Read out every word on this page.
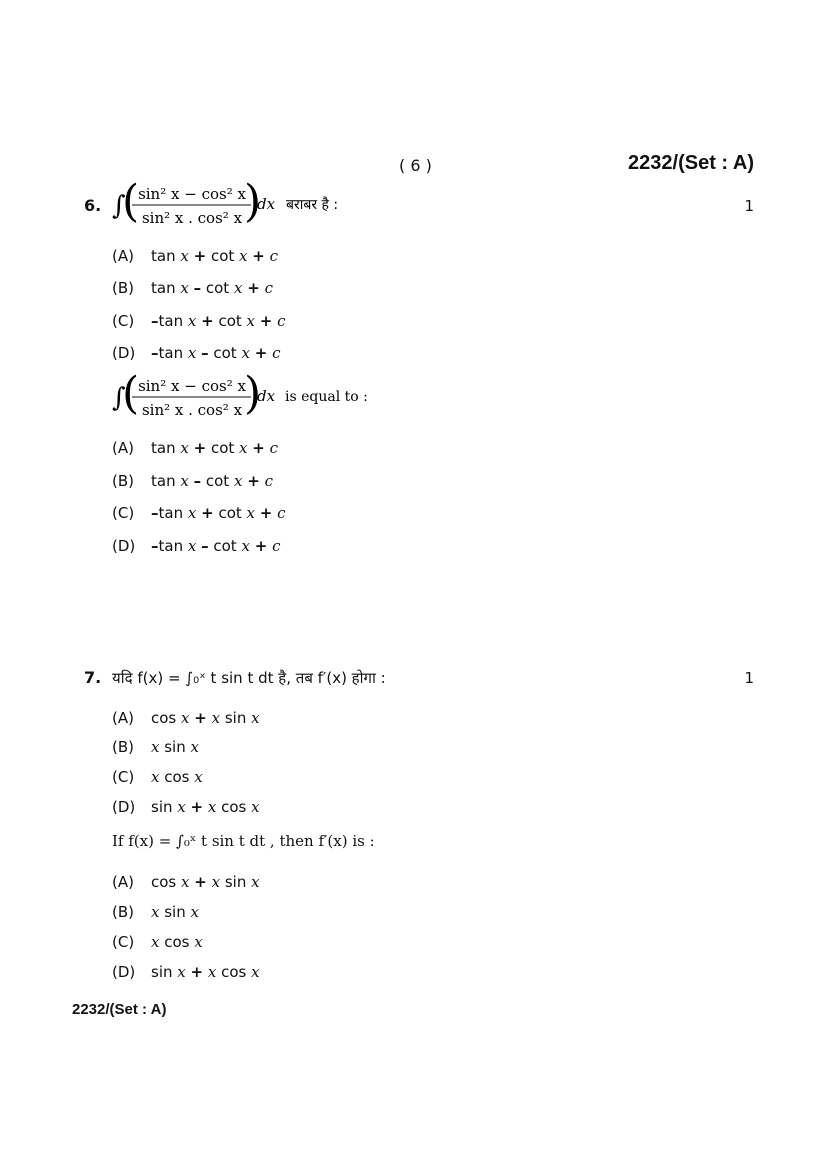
( 6 )	2232/(Set : A)
6. ∫
(
sin² x − cos² x
sin² x . cos² x )
dx बराबर है :	1
(A) tan x + cot x + c
(B) tan x – cot x + c
(C) –tan x + cot x + c
(D) –tan x – cot x + c
∫
(
sin² x − cos² x
sin² x . cos² x )
dx is equal to :
(A) tan x + cot x + c
(B) tan x – cot x + c
(C) –tan x + cot x + c
(D) –tan x – cot x + c
7. यदि f(x) = ∫₀ˣ t sin t dt है, तब f′(x) होगा :	1
(A) cos x + x sin x
(B) x sin x
(C) x cos x
(D) sin x + x cos x
If f(x) = ∫₀ˣ t sin t dt , then f′(x) is :
(A) cos x + x sin x
(B) x sin x
(C) x cos x
(D) sin x + x cos x
2232/(Set : A)
